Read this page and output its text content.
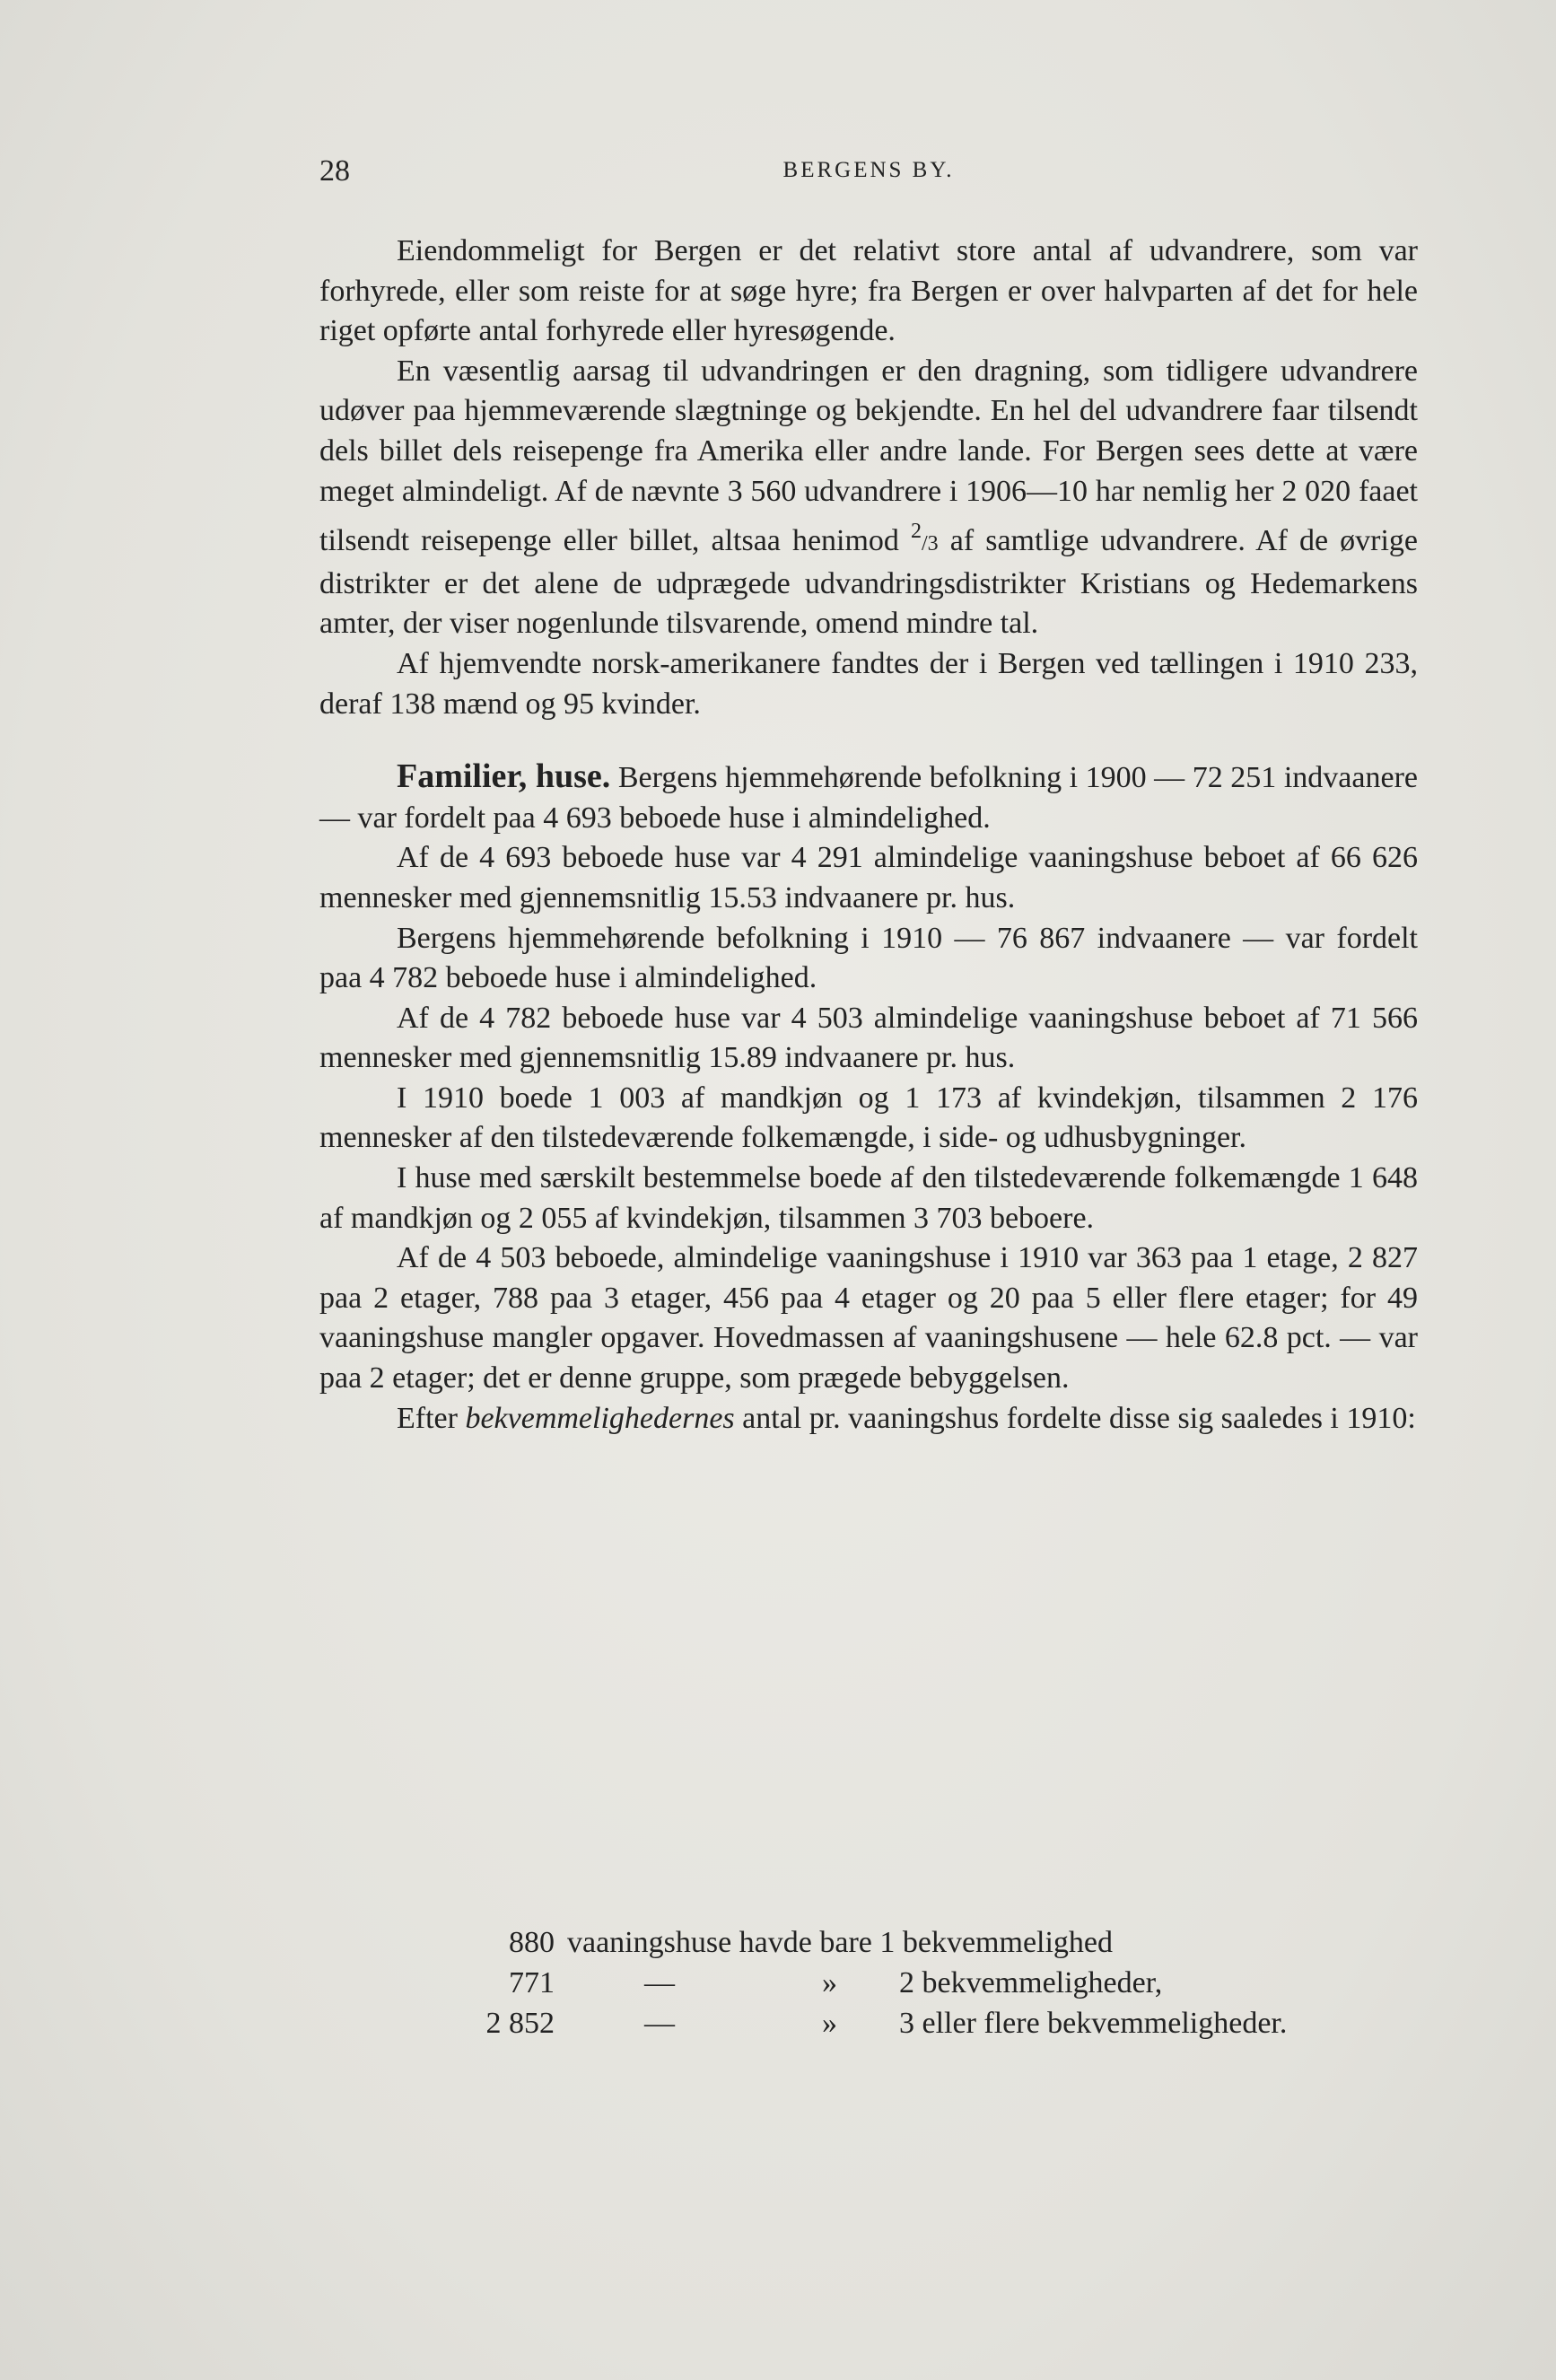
28	BERGENS BY.

Eiendommeligt for Bergen er det relativt store antal af udvandrere, som var forhyrede, eller som reiste for at søge hyre; fra Bergen er over halvparten af det for hele riget opførte antal forhyrede eller hyresøgende.

En væsentlig aarsag til udvandringen er den dragning, som tidligere udvandrere udøver paa hjemmeværende slægtninge og bekjendte. En hel del udvandrere faar tilsendt dels billet dels reisepenge fra Amerika eller andre lande. For Bergen sees dette at være meget almindeligt. Af de nævnte 3 560 udvandrere i 1906—10 har nemlig her 2 020 faaet tilsendt reisepenge eller billet, altsaa henimod $^2$/3 af samtlige udvandrere. Af de øvrige distrikter er det alene de udprægede udvandringsdistrikter Kristians og Hedemarkens amter, der viser nogenlunde tilsvarende, omend mindre tal.

Af hjemvendte norsk-amerikanere fandtes der i Bergen ved tællingen i 1910 233, deraf 138 mænd og 95 kvinder.

Familier, huse. Bergens hjemmehørende befolkning i 1900 — 72 251 indvaanere — var fordelt paa 4 693 beboede huse i almindelighed.

Af de 4 693 beboede huse var 4 291 almindelige vaaningshuse beboet af 66 626 mennesker med gjennemsnitlig 15.53 indvaanere pr. hus.

Bergens hjemmehørende befolkning i 1910 — 76 867 indvaanere — var fordelt paa 4 782 beboede huse i almindelighed.

Af de 4 782 beboede huse var 4 503 almindelige vaaningshuse beboet af 71 566 mennesker med gjennemsnitlig 15.89 indvaanere pr. hus.

I 1910 boede 1 003 af mandkjøn og 1 173 af kvindekjøn, tilsammen 2 176 mennesker af den tilstedeværende folkemængde, i side- og udhusbygninger.

I huse med særskilt bestemmelse boede af den tilstedeværende folkemængde 1 648 af mandkjøn og 2 055 af kvindekjøn, tilsammen 3 703 beboere.

Af de 4 503 beboede, almindelige vaaningshuse i 1910 var 363 paa 1 etage, 2 827 paa 2 etager, 788 paa 3 etager, 456 paa 4 etager og 20 paa 5 eller flere etager; for 49 vaaningshuse mangler opgaver. Hovedmassen af vaaningshusene — hele 62.8 pct. — var paa 2 etager; det er denne gruppe, som prægede bebyggelsen.

Efter bekvemmelighedernes antal pr. vaaningshus fordelte disse sig saaledes i 1910:

880 vaaningshuse havde bare 1 bekvemmelighed
771	—	» 2 bekvemmeligheder,
2 852	—	» 3 eller flere bekvemmeligheder.
